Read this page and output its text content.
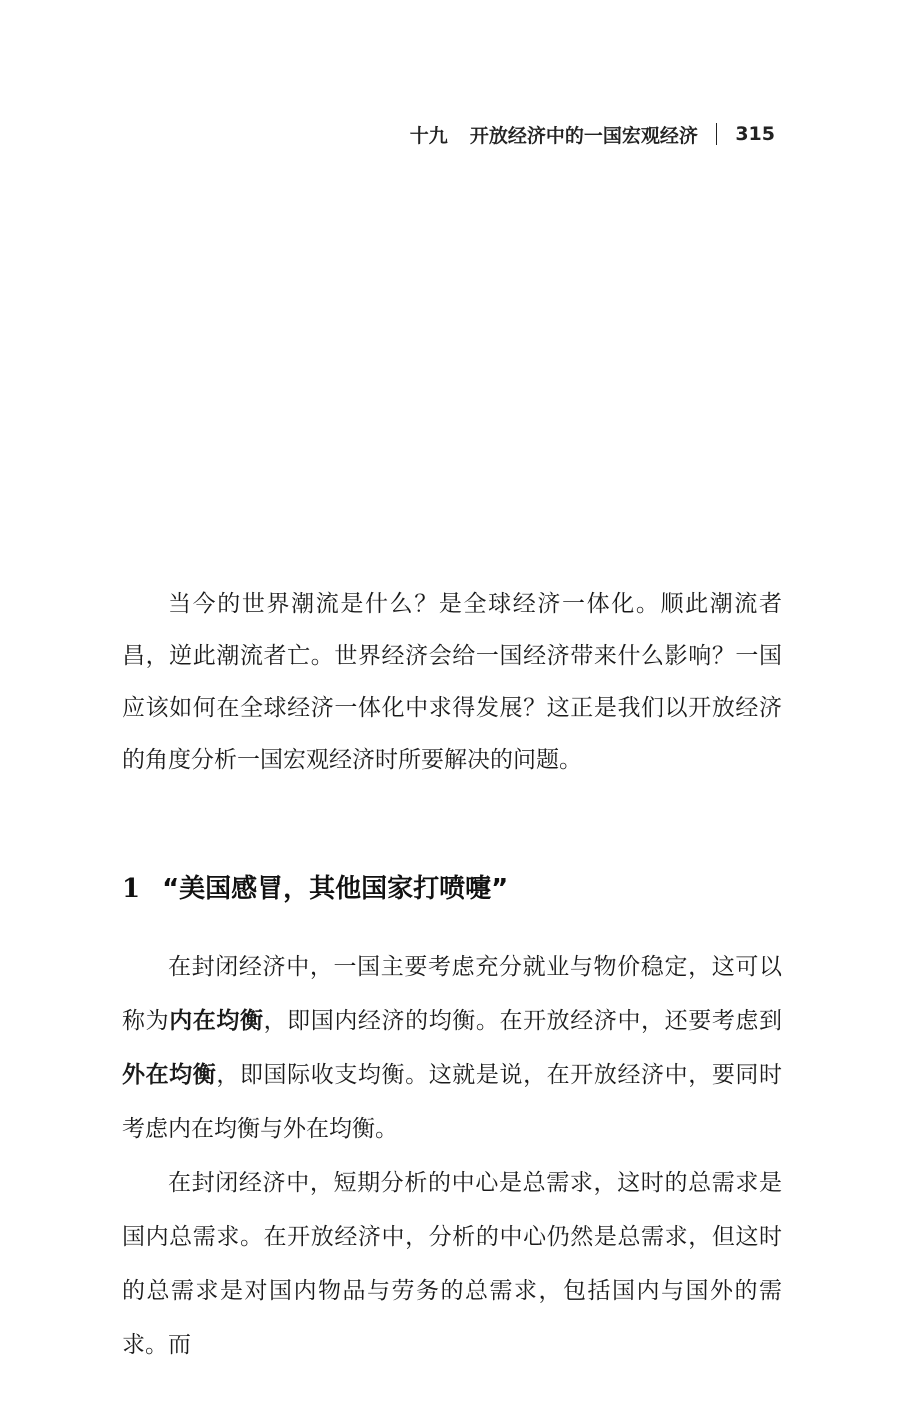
十九 开放经济中的一国宏观经济 315

当今的世界潮流是什么？是全球经济一体化。顺此潮流者昌，逆此潮流者亡。世界经济会给一国经济带来什么影响？一国应该如何在全球经济一体化中求得发展？这正是我们以开放经济的角度分析一国宏观经济时所要解决的问题。

1 “美国感冒，其他国家打喷嚏”

在封闭经济中，一国主要考虑充分就业与物价稳定，这可以称为内在均衡，即国内经济的均衡。在开放经济中，还要考虑到外在均衡，即国际收支均衡。这就是说，在开放经济中，要同时考虑内在均衡与外在均衡。

在封闭经济中，短期分析的中心是总需求，这时的总需求是国内总需求。在开放经济中，分析的中心仍然是总需求，但这时的总需求是对国内物品与劳务的总需求，包括国内与国外的需求。而
